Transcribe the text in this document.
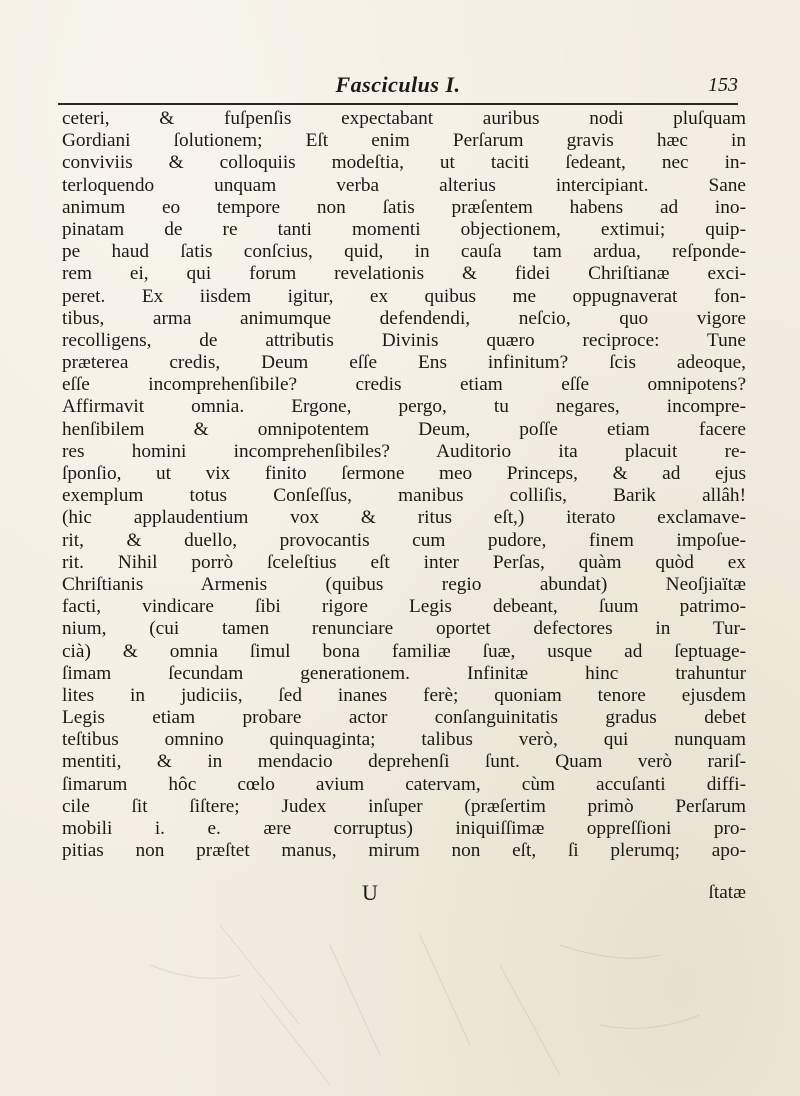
Fasciculus I.	153
ceteri, & fuſpenſis expectabant auribus nodi pluſquam
Gordiani ſolutionem; Eſt enim Perſarum gravis hæc in
conviviis & colloquiis modeſtia, ut taciti ſedeant, nec in-
terloquendo unquam verba alterius intercipiant. Sane
animum eo tempore non ſatis præſentem habens ad ino-
pinatam de re tanti momenti objectionem, extimui; quip-
pe haud ſatis conſcius, quid, in cauſa tam ardua, reſponde-
rem ei, qui forum revelationis & fidei Chriſtianæ exci-
peret. Ex iisdem igitur, ex quibus me oppugnaverat fon-
tibus, arma animumque defendendi, neſcio, quo vigore
recolligens, de attributis Divinis quæro reciproce: Tune
præterea credis, Deum eſſe Ens infinitum? ſcis adeoque,
eſſe incomprehenſibile? credis etiam eſſe omnipotens?
Affirmavit omnia. Ergone, pergo, tu negares, incompre-
henſibilem & omnipotentem Deum, poſſe etiam facere
res homini incomprehenſibiles? Auditorio ita placuit re-
ſponſio, ut vix finito ſermone meo Princeps, & ad ejus
exemplum totus Conſeſſus, manibus colliſis, Barik allâh!
(hic applaudentium vox & ritus eſt,) iterato exclamave-
rit, & duello, provocantis cum pudore, finem impoſue-
rit. Nihil porrò ſceleſtius eſt inter Perſas, quàm quòd ex
Chriſtianis Armenis (quibus regio abundat) Neoſjiaïtæ
facti, vindicare ſibi rigore Legis debeant, ſuum patrimo-
nium, (cui tamen renunciare oportet defectores in Tur-
cià) & omnia ſimul bona familiæ ſuæ, usque ad ſeptuage-
ſimam ſecundam generationem. Infinitæ hinc trahuntur
lites in judiciis, ſed inanes ferè; quoniam tenore ejusdem
Legis etiam probare actor conſanguinitatis gradus debet
teſtibus omnino quinquaginta; talibus verò, qui nunquam
mentiti, & in mendacio deprehenſi ſunt. Quam verò rariſ-
ſimarum hôc cœlo avium catervam, cùm accuſanti diffi-
cile ſit ſiſtere; Judex inſuper (præſertim primò Perſarum
mobili i. e. ære corruptus) iniquiſſimæ oppreſſioni pro-
pitias non præſtet manus, mirum non eſt, ſi plerumq; apo-
U	ſtatæ
